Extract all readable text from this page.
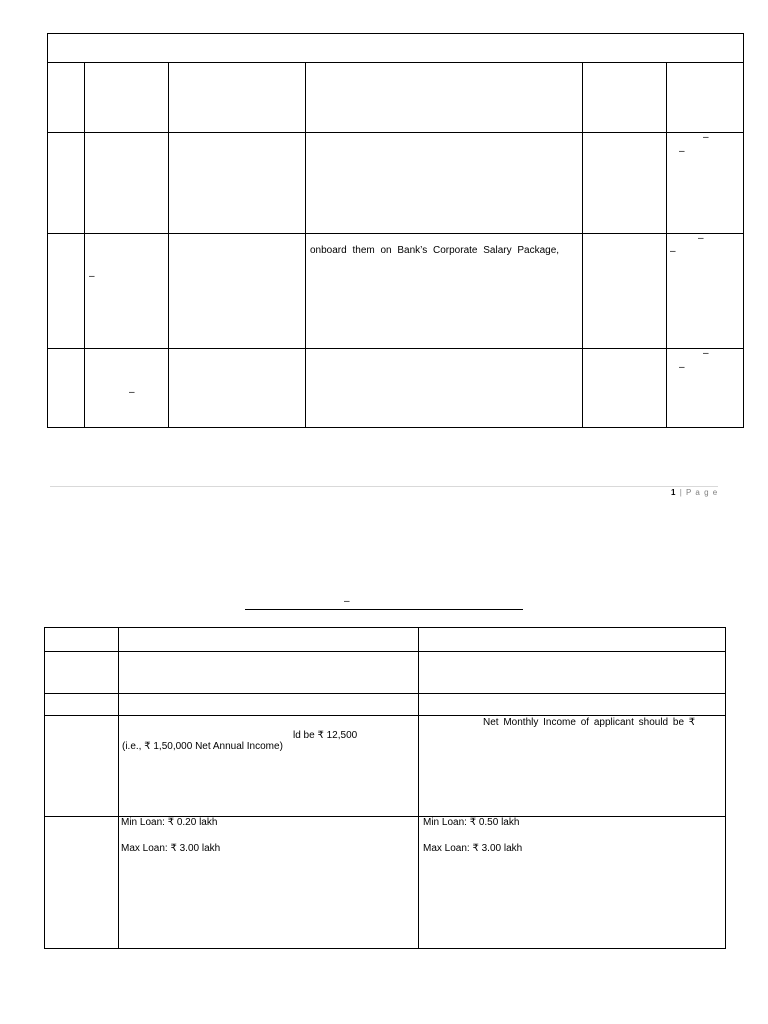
–
–
–
onboard them on Bank’s Corporate Salary Package,
–
–
–
–
–
1 | P a g e
–
ld be ₹ 12,500
(i.e., ₹ 1,50,000 Net Annual Income)
Net Monthly Income of applicant should be ₹
Min Loan: ₹ 0.20 lakh
Max Loan: ₹ 3.00 lakh
Min Loan: ₹ 0.50 lakh
Max Loan: ₹ 3.00 lakh
